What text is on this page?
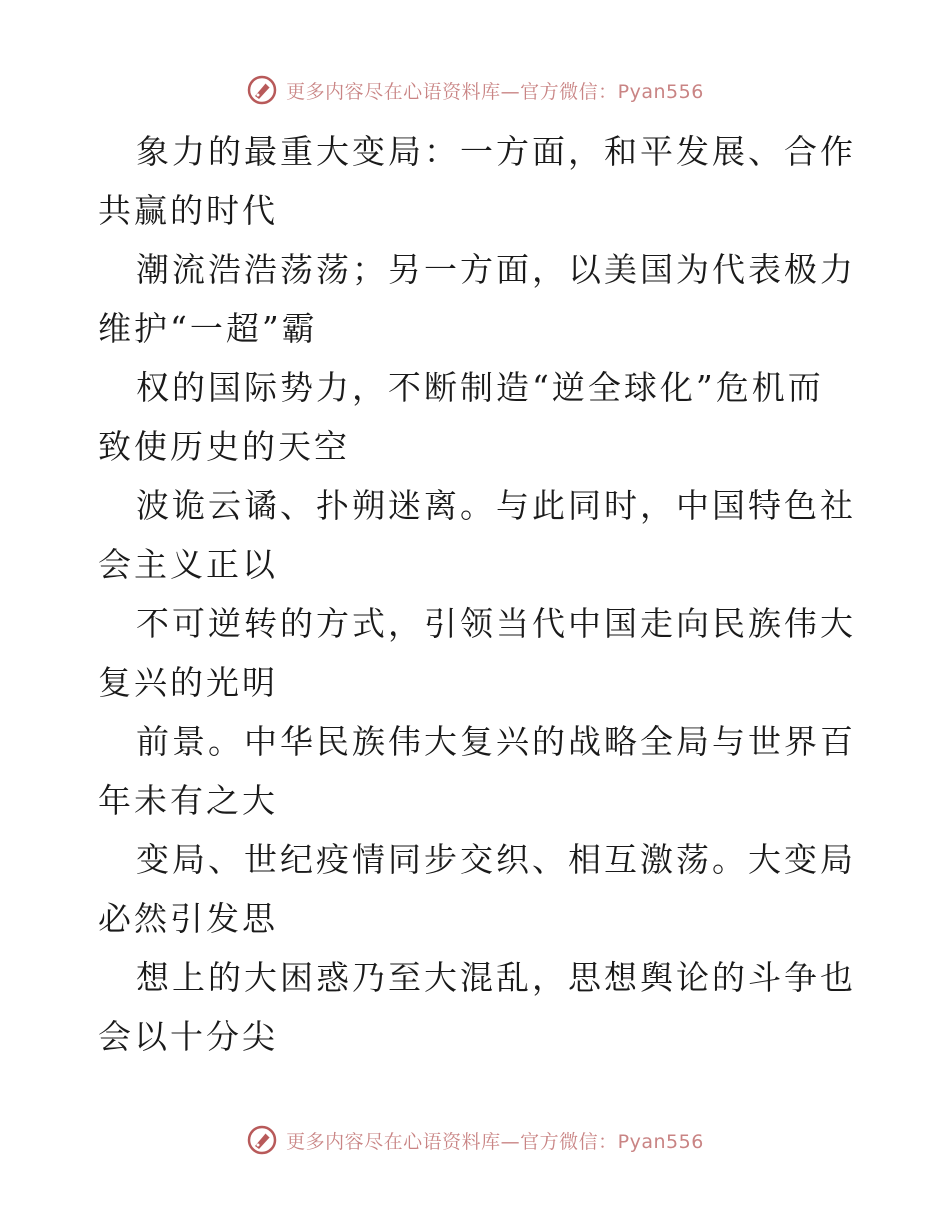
更多内容尽在心语资料库—官方微信：Pyan556

象力的最重大变局：一方面，和平发展、合作共赢的时代

潮流浩浩荡荡；另一方面，以美国为代表极力维护“一超”霸

权的国际势力，不断制造“逆全球化”危机而致使历史的天空

波诡云谲、扑朔迷离。与此同时，中国特色社会主义正以

不可逆转的方式，引领当代中国走向民族伟大复兴的光明

前景。中华民族伟大复兴的战略全局与世界百年未有之大

变局、世纪疫情同步交织、相互激荡。大变局必然引发思

想上的大困惑乃至大混乱，思想舆论的斗争也会以十分尖

更多内容尽在心语资料库—官方微信：Pyan556
